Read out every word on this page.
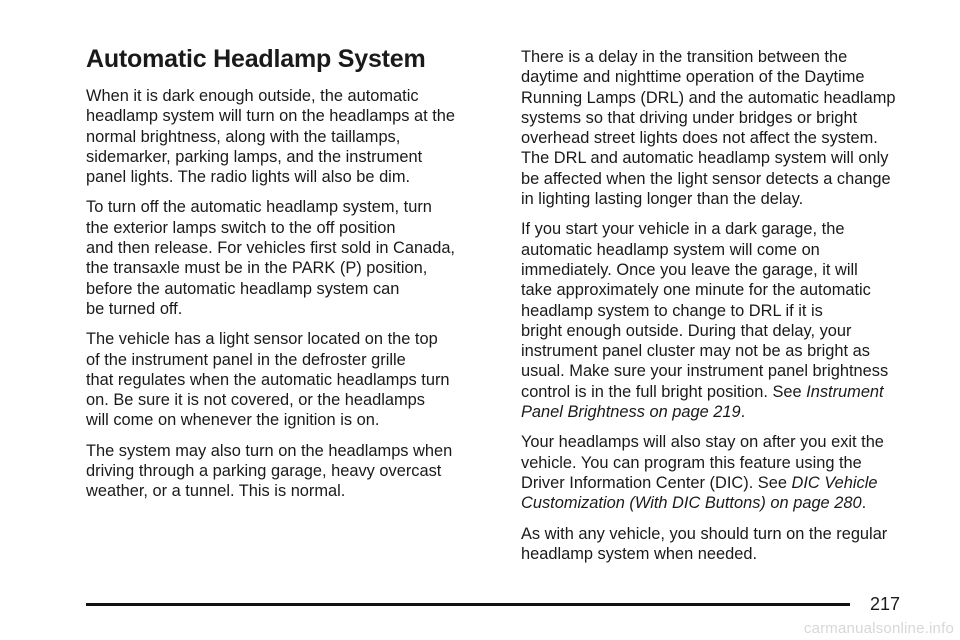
Automatic Headlamp System

When it is dark enough outside, the automatic
headlamp system will turn on the headlamps at the
normal brightness, along with the taillamps,
sidemarker, parking lamps, and the instrument
panel lights. The radio lights will also be dim.

To turn off the automatic headlamp system, turn
the exterior lamps switch to the off position
and then release. For vehicles first sold in Canada,
the transaxle must be in the PARK (P) position,
before the automatic headlamp system can
be turned off.

The vehicle has a light sensor located on the top
of the instrument panel in the defroster grille
that regulates when the automatic headlamps turn
on. Be sure it is not covered, or the headlamps
will come on whenever the ignition is on.

The system may also turn on the headlamps when
driving through a parking garage, heavy overcast
weather, or a tunnel. This is normal.

There is a delay in the transition between the
daytime and nighttime operation of the Daytime
Running Lamps (DRL) and the automatic headlamp
systems so that driving under bridges or bright
overhead street lights does not affect the system.
The DRL and automatic headlamp system will only
be affected when the light sensor detects a change
in lighting lasting longer than the delay.

If you start your vehicle in a dark garage, the
automatic headlamp system will come on
immediately. Once you leave the garage, it will
take approximately one minute for the automatic
headlamp system to change to DRL if it is
bright enough outside. During that delay, your
instrument panel cluster may not be as bright as
usual. Make sure your instrument panel brightness
control is in the full bright position. See Instrument
Panel Brightness on page 219.

Your headlamps will also stay on after you exit the
vehicle. You can program this feature using the
Driver Information Center (DIC). See DIC Vehicle
Customization (With DIC Buttons) on page 280.

As with any vehicle, you should turn on the regular
headlamp system when needed.

217
carmanualsonline.info
